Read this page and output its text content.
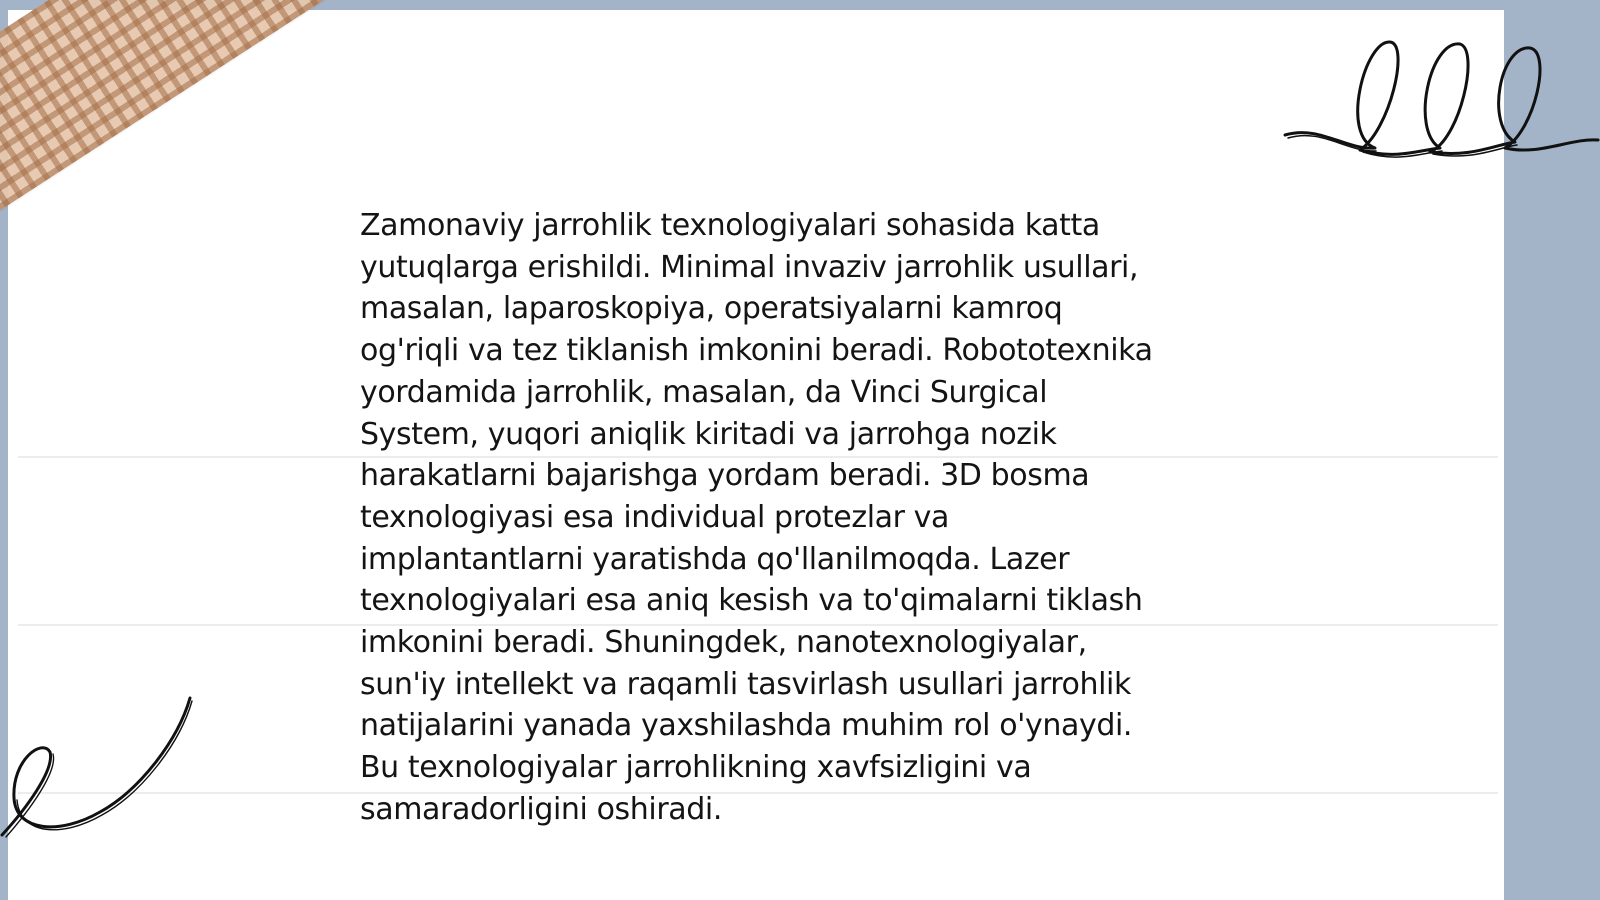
Zamonaviy jarrohlik texnologiyalari sohasida katta
yutuqlarga erishildi. Minimal invaziv jarrohlik usullari,
masalan, laparoskopiya, operatsiyalarni kamroq
og'riqli va tez tiklanish imkonini beradi. Robototexnika
yordamida jarrohlik, masalan, da Vinci Surgical
System, yuqori aniqlik kiritadi va jarrohga nozik
harakatlarni bajarishga yordam beradi. 3D bosma
texnologiyasi esa individual protezlar va
implantantlarni yaratishda qo'llanilmoqda. Lazer
texnologiyalari esa aniq kesish va to'qimalarni tiklash
imkonini beradi. Shuningdek, nanotexnologiyalar,
sun'iy intellekt va raqamli tasvirlash usullari jarrohlik
natijalarini yanada yaxshilashda muhim rol o'ynaydi.
Bu texnologiyalar jarrohlikning xavfsizligini va
samaradorligini oshiradi.
